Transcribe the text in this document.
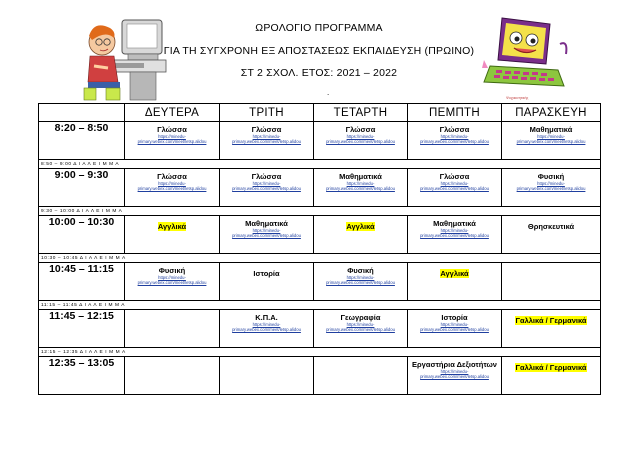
ΩΡΟΛΟΓΙΟ ΠΡΟΓΡΑΜΜΑ
ΓΙΑ ΤΗ ΣΥΓΧΡΟΝΗ ΕΞ ΑΠΟΣΤΑΣΕΩΣ ΕΚΠΑΙΔΕΥΣΗ (ΠΡΩΙΝΟ)
ΣΤ 2 ΣΧΟΛ. ΕΤΟΣ: 2021 – 2022
.
Ψυχοκινητικής
	ΔΕΥΤΕΡΑ	ΤΡΙΤΗ	ΤΕΤΑΡΤΗ	ΠΕΜΠΤΗ	ΠΑΡΑΣΚΕΥΗ
8:20 – 8:50	Γλώσσα
https://minedu-
primary.webex.com/meet/letsp.alidou	Γλώσσα
https://minedu-
primary.webex.com/meet/letsp.alidou	Γλώσσα
https://minedu-
primary.webex.com/meet/letsp.alidou	Γλώσσα
https://minedu-
primary.webex.com/meet/letsp.alidou	Μαθηματικά
https://minedu-
primary.webex.com/meet/letsp.alidou

8:50 – 9:00 Δ Ι Α Λ Ε Ι Μ Μ Α					
9:00 – 9:30	Γλώσσα
https://minedu-
primary.webex.com/meet/letsp.alidou	Γλώσσα
https://minedu-
primary.webex.com/meet/letsp.alidou	Μαθηματικά
https://minedu-
primary.webex.com/meet/letsp.alidou	Γλώσσα
https://minedu-
primary.webex.com/meet/letsp.alidou	Φυσική
https://minedu-
primary.webex.com/meet/letsp.alidou

9:30 – 10:00 Δ Ι Α Λ Ε Ι Μ Μ Α					
10:00 – 10:30	Αγγλικά	Μαθηματικά
https://minedu-
primary.webex.com/meet/letsp.alidou	Αγγλικά	Μαθηματικά
https://minedu-
primary.webex.com/meet/letsp.alidou	Θρησκευτικά

10:30 – 10:45 Δ Ι Α Λ Ε Ι Μ Μ Α					
10:45 – 11:15	Φυσική
https://minedu-
primary.webex.com/meet/letsp.alidou	Ιστορία	Φυσική
https://minedu-
primary.webex.com/meet/letsp.alidou	Αγγλικά	

11:15 – 11:45 Δ Ι Α Λ Ε Ι Μ Μ Α					
11:45 – 12:15		Κ.Π.Α.
https://minedu-
primary.webex.com/meet/letsp.alidou	Γεωγραφία
https://minedu-
primary.webex.com/meet/letsp.alidou	Ιστορία
https://minedu-
primary.webex.com/meet/letsp.alidou	Γαλλικά / Γερμανικά

12:15 – 12:35 Δ Ι Α Λ Ε Ι Μ Μ Α					
12:35 – 13:05				Εργαστήρια Δεξιοτήτων
https://minedu-
primary.webex.com/meet/letsp.alidou	Γαλλικά / Γερμανικά
